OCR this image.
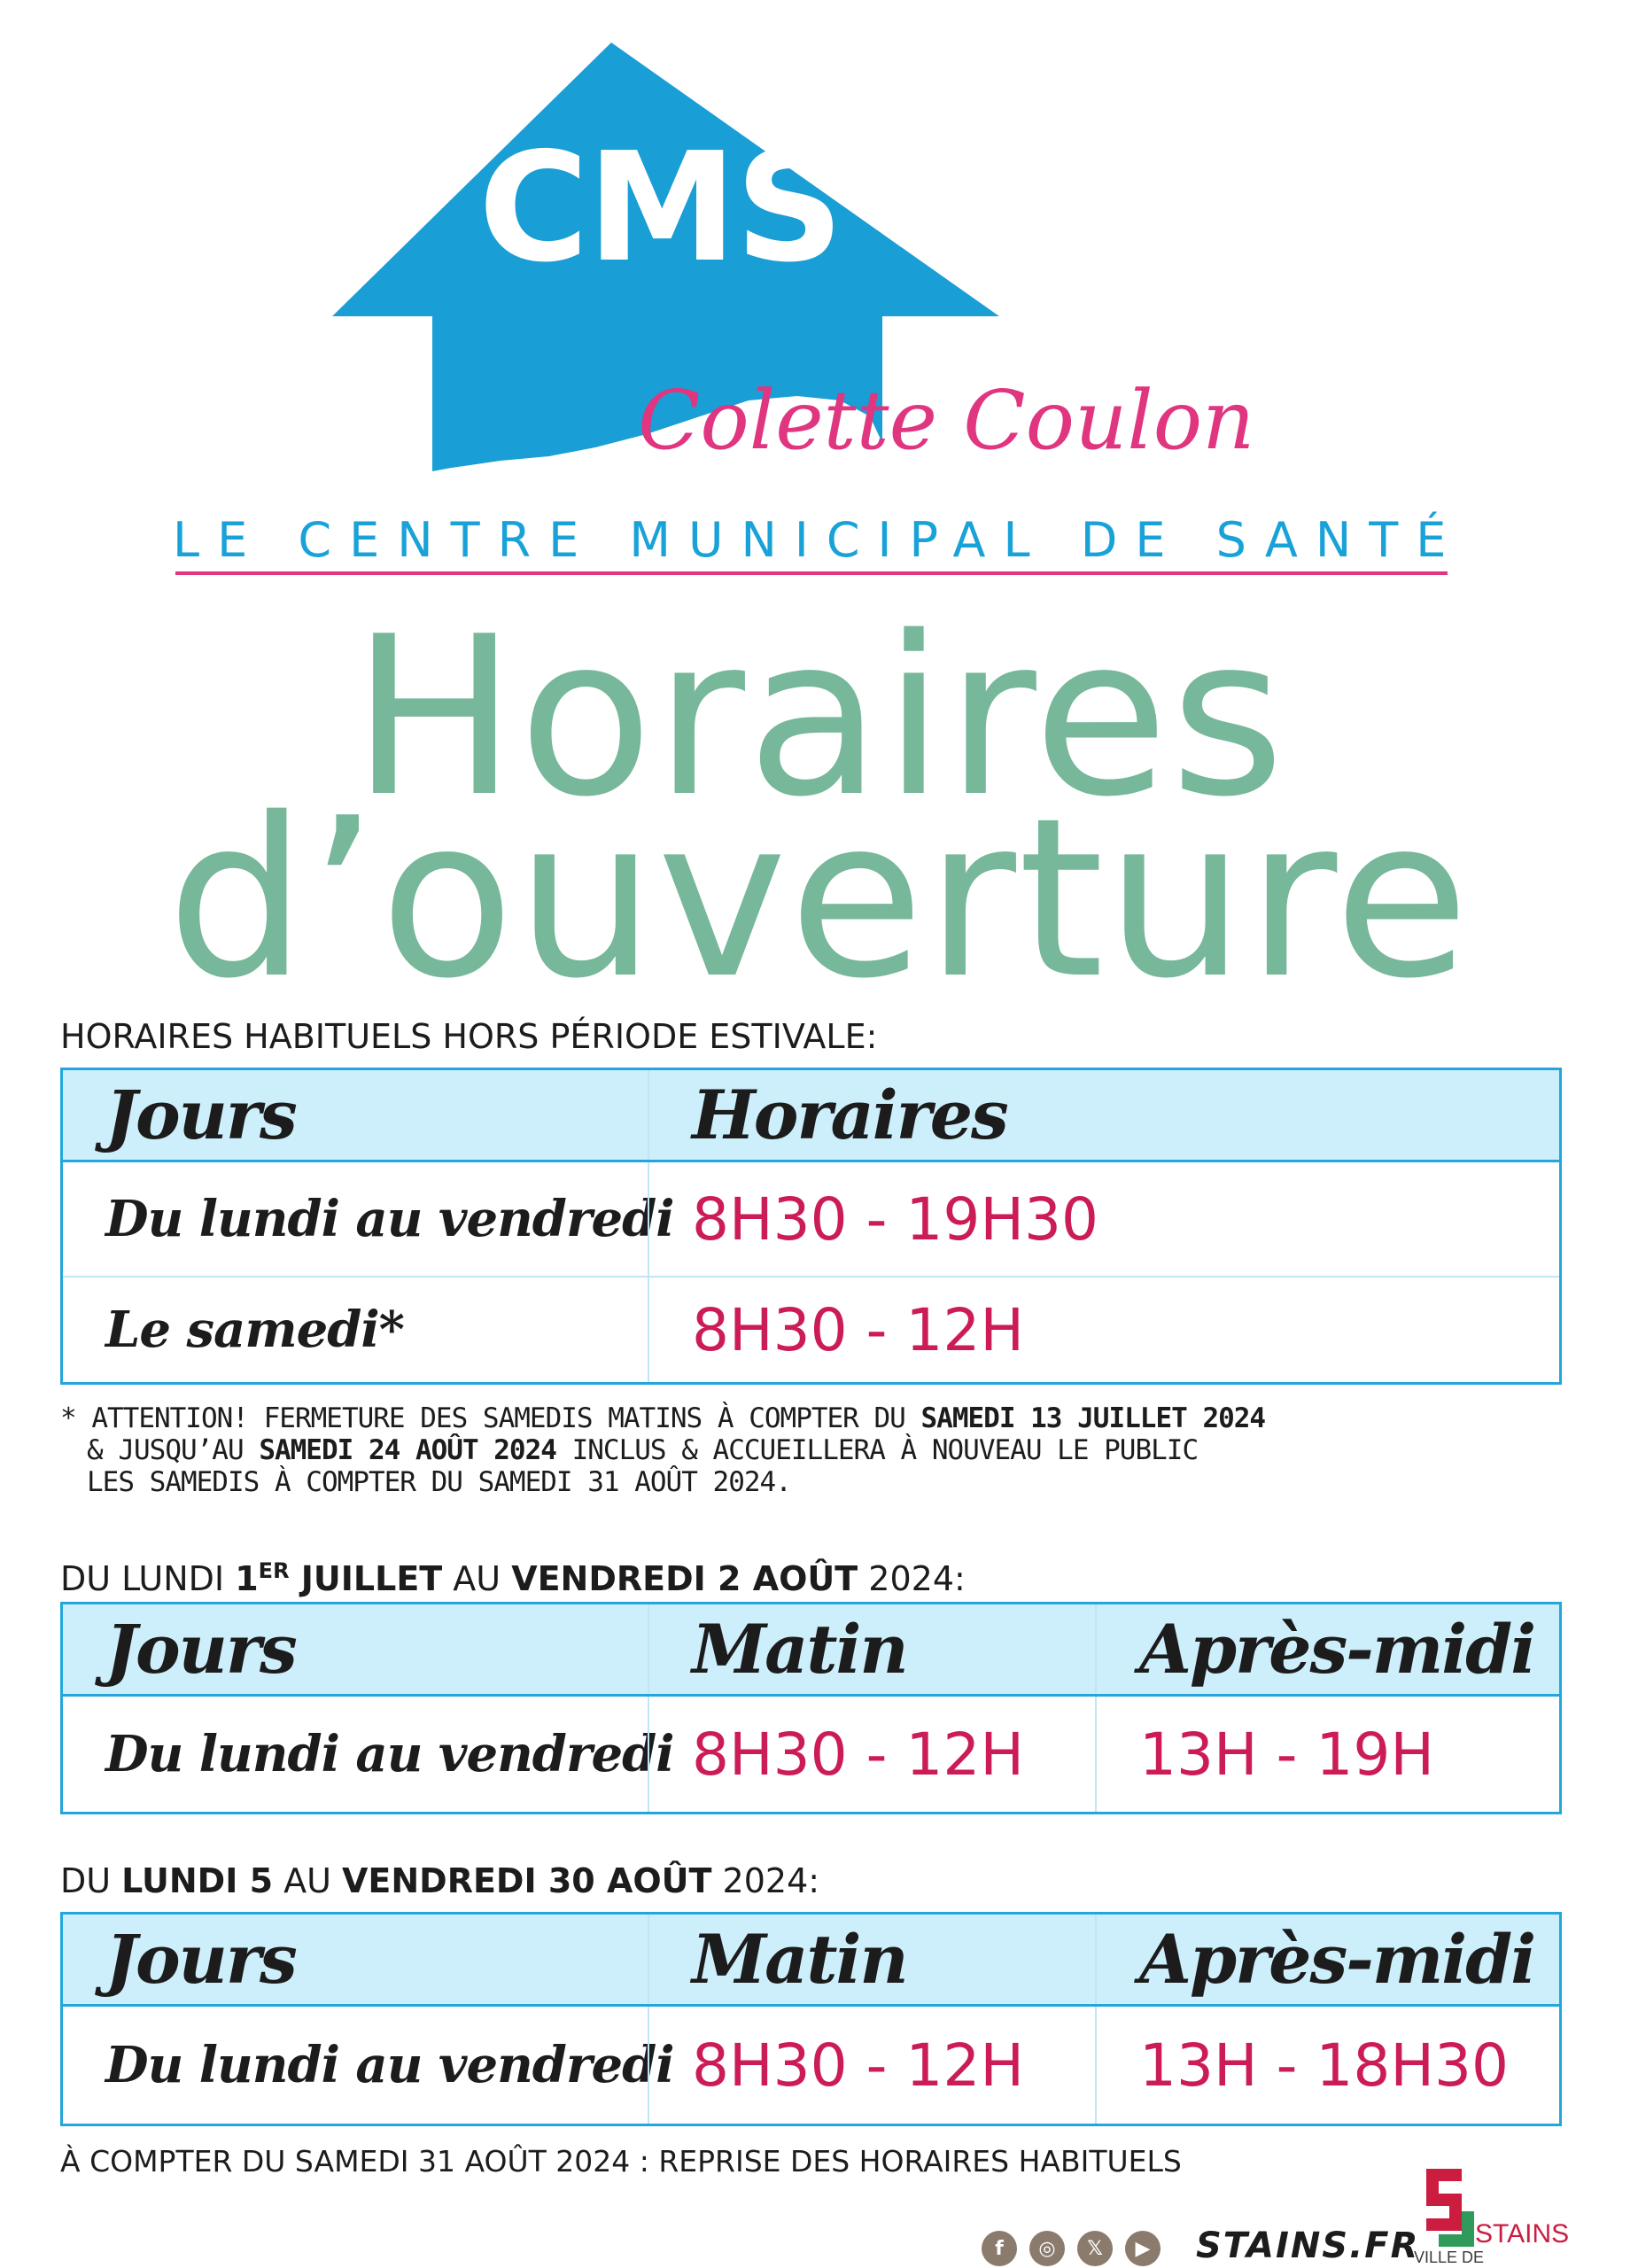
CMS
Colette Coulon
LE CENTRE MUNICIPAL DE SANTÉ
Horaires
d’ouverture
HORAIRES HABITUELS HORS PÉRIODE ESTIVALE:
Jours	Horaires
Du lundi au vendredi 8H30 - 19H30
Le samedi*	8H30 - 12H
* ATTENTION! FERMETURE DES SAMEDIS MATINS À COMPTER DU SAMEDI 13 JUILLET 2024
& JUSQU’AU SAMEDI 24 AOÛT 2024 INCLUS & ACCUEILLERA À NOUVEAU LE PUBLIC
LES SAMEDIS À COMPTER DU SAMEDI 31 AOÛT 2024.
DU LUNDI 1ER JUILLET AU VENDREDI 2 AOÛT 2024:
Jours	Matin	Après-midi
Du lundi au vendredi 8H30 - 12H 13H - 19H
DU LUNDI 5 AU VENDREDI 30 AOÛT 2024:
Jours	Matin	Après-midi
Du lundi au vendredi 8H30 - 12H 13H - 18H30
À COMPTER DU SAMEDI 31 AOÛT 2024 : REPRISE DES HORAIRES HABITUELS
f	◎	𝕏	▶ STAINS.FR STAINS
VILLE DE
